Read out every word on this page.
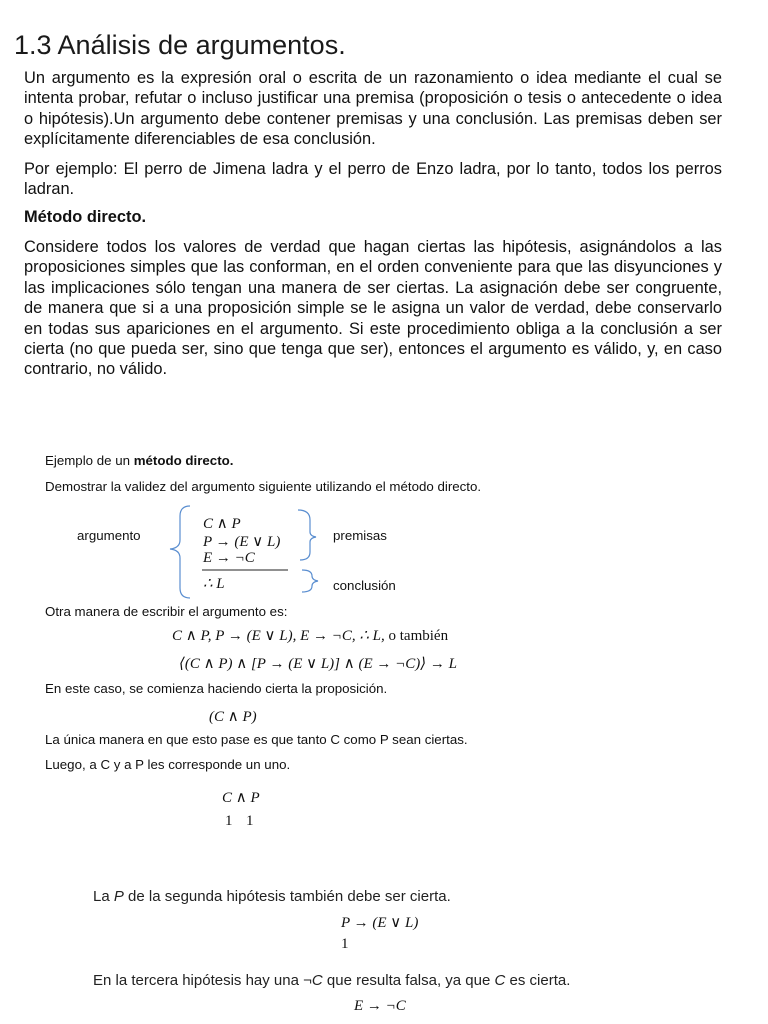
1.3 Análisis de argumentos.

Un argumento es la expresión oral o escrita de un razonamiento o idea mediante el cual se intenta probar, refutar o incluso justificar una premisa (proposición o tesis o antecedente o idea o hipótesis).Un argumento debe contener premisas y una conclusión. Las premisas deben ser explícitamente diferenciables de esa conclusión.

Por ejemplo: El perro de Jimena ladra y el perro de Enzo ladra, por lo tanto, todos los perros ladran.

Método directo.

Considere todos los valores de verdad que hagan ciertas las hipótesis, asignándolos a las proposiciones simples que las conforman, en el orden conveniente para que las disyunciones y las implicaciones sólo tengan una manera de ser ciertas. La asignación debe ser congruente, de manera que si a una proposición simple se le asigna un valor de verdad, debe conservarlo en todas sus apariciones en el argumento. Si este procedimiento obliga a la conclusión a ser cierta (no que pueda ser, sino que tenga que ser), entonces el argumento es válido, y, en caso contrario, no válido.

Ejemplo de un método directo.

Demostrar la validez del argumento siguiente utilizando el método directo.

argumento
C ∧ P
P → (E ∨ L)
E → ¬C
∴ L
premisas
conclusión

Otra manera de escribir el argumento es:

C ∧ P, P → (E ∨ L), E → ¬C, ∴ L, o también

⟨(C ∧ P) ∧ [P → (E ∨ L)] ∧ (E → ¬C)⟩ → L

En este caso, se comienza haciendo cierta la proposición.

(C ∧ P)

La única manera en que esto pase es que tanto C como P sean ciertas.

Luego, a C y a P les corresponde un uno.

C ∧ P

1 1

La P de la segunda hipótesis también debe ser cierta.

P → (E ∨ L)

1

En la tercera hipótesis hay una ¬C que resulta falsa, ya que C es cierta.

E → ¬C
